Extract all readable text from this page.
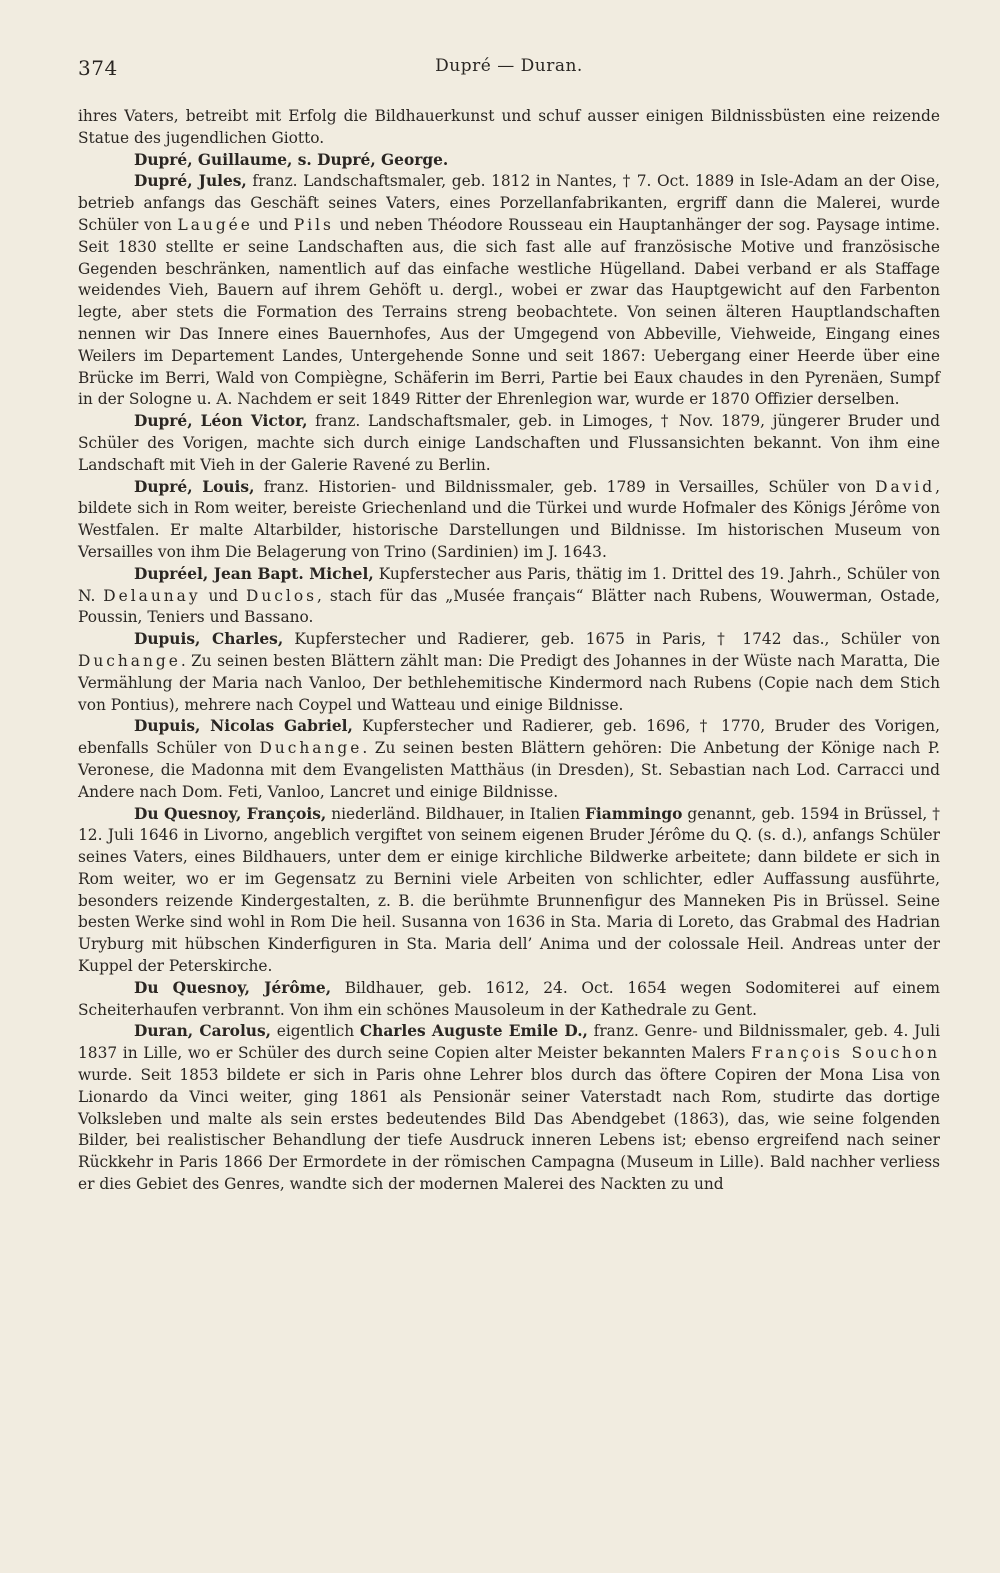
374	Dupré — Duran.

ihres Vaters, betreibt mit Erfolg die Bildhauerkunst und schuf ausser einigen Bildnissbüsten eine reizende Statue des jugendlichen Giotto.

Dupré, Guillaume, s. Dupré, George.

Dupré, Jules, franz. Landschaftsmaler, geb. 1812 in Nantes, † 7. Oct. 1889 in Isle-Adam an der Oise, betrieb anfangs das Geschäft seines Vaters, eines Porzellanfabrikanten, ergriff dann die Malerei, wurde Schüler von Laugée und Pils und neben Théodore Rousseau ein Hauptanhänger der sog. Paysage intime. Seit 1830 stellte er seine Landschaften aus, die sich fast alle auf französische Motive und französische Gegenden beschränken, namentlich auf das einfache westliche Hügelland. Dabei verband er als Staffage weidendes Vieh, Bauern auf ihrem Gehöft u. dergl., wobei er zwar das Hauptgewicht auf den Farbenton legte, aber stets die Formation des Terrains streng beobachtete. Von seinen älteren Hauptlandschaften nennen wir Das Innere eines Bauernhofes, Aus der Umgegend von Abbeville, Viehweide, Eingang eines Weilers im Departement Landes, Untergehende Sonne und seit 1867: Uebergang einer Heerde über eine Brücke im Berri, Wald von Compiègne, Schäferin im Berri, Partie bei Eaux chaudes in den Pyrenäen, Sumpf in der Sologne u. A. Nachdem er seit 1849 Ritter der Ehrenlegion war, wurde er 1870 Offizier derselben.

Dupré, Léon Victor, franz. Landschaftsmaler, geb. in Limoges, † Nov. 1879, jüngerer Bruder und Schüler des Vorigen, machte sich durch einige Landschaften und Flussansichten bekannt. Von ihm eine Landschaft mit Vieh in der Galerie Ravené zu Berlin.

Dupré, Louis, franz. Historien- und Bildnissmaler, geb. 1789 in Versailles, Schüler von David, bildete sich in Rom weiter, bereiste Griechenland und die Türkei und wurde Hofmaler des Königs Jérôme von Westfalen. Er malte Altarbilder, historische Darstellungen und Bildnisse. Im historischen Museum von Versailles von ihm Die Belagerung von Trino (Sardinien) im J. 1643.

Dupréel, Jean Bapt. Michel, Kupferstecher aus Paris, thätig im 1. Drittel des 19. Jahrh., Schüler von N. Delaunay und Duclos, stach für das „Musée français“ Blätter nach Rubens, Wouwerman, Ostade, Poussin, Teniers und Bassano.

Dupuis, Charles, Kupferstecher und Radierer, geb. 1675 in Paris, † 1742 das., Schüler von Duchange. Zu seinen besten Blättern zählt man: Die Predigt des Johannes in der Wüste nach Maratta, Die Vermählung der Maria nach Vanloo, Der bethlehemitische Kindermord nach Rubens (Copie nach dem Stich von Pontius), mehrere nach Coypel und Watteau und einige Bildnisse.

Dupuis, Nicolas Gabriel, Kupferstecher und Radierer, geb. 1696, † 1770, Bruder des Vorigen, ebenfalls Schüler von Duchange. Zu seinen besten Blättern gehören: Die Anbetung der Könige nach P. Veronese, die Madonna mit dem Evangelisten Matthäus (in Dresden), St. Sebastian nach Lod. Carracci und Andere nach Dom. Feti, Vanloo, Lancret und einige Bildnisse.

Du Quesnoy, François, niederländ. Bildhauer, in Italien Fiammingo genannt, geb. 1594 in Brüssel, † 12. Juli 1646 in Livorno, angeblich vergiftet von seinem eigenen Bruder Jérôme du Q. (s. d.), anfangs Schüler seines Vaters, eines Bildhauers, unter dem er einige kirchliche Bildwerke arbeitete; dann bildete er sich in Rom weiter, wo er im Gegensatz zu Bernini viele Arbeiten von schlichter, edler Auffassung ausführte, besonders reizende Kindergestalten, z. B. die berühmte Brunnenfigur des Manneken Pis in Brüssel. Seine besten Werke sind wohl in Rom Die heil. Susanna von 1636 in Sta. Maria di Loreto, das Grabmal des Hadrian Uryburg mit hübschen Kinderfiguren in Sta. Maria dell’ Anima und der colossale Heil. Andreas unter der Kuppel der Peterskirche.

Du Quesnoy, Jérôme, Bildhauer, geb. 1612, 24. Oct. 1654 wegen Sodomiterei auf einem Scheiterhaufen verbrannt. Von ihm ein schönes Mausoleum in der Kathedrale zu Gent.

Duran, Carolus, eigentlich Charles Auguste Emile D., franz. Genre- und Bildnissmaler, geb. 4. Juli 1837 in Lille, wo er Schüler des durch seine Copien alter Meister bekannten Malers François Souchon wurde. Seit 1853 bildete er sich in Paris ohne Lehrer blos durch das öftere Copiren der Mona Lisa von Lionardo da Vinci weiter, ging 1861 als Pensionär seiner Vaterstadt nach Rom, studirte das dortige Volksleben und malte als sein erstes bedeutendes Bild Das Abendgebet (1863), das, wie seine folgenden Bilder, bei realistischer Behandlung der tiefe Ausdruck inneren Lebens ist; ebenso ergreifend nach seiner Rückkehr in Paris 1866 Der Ermordete in der römischen Campagna (Museum in Lille). Bald nachher verliess er dies Gebiet des Genres, wandte sich der modernen Malerei des Nackten zu und
